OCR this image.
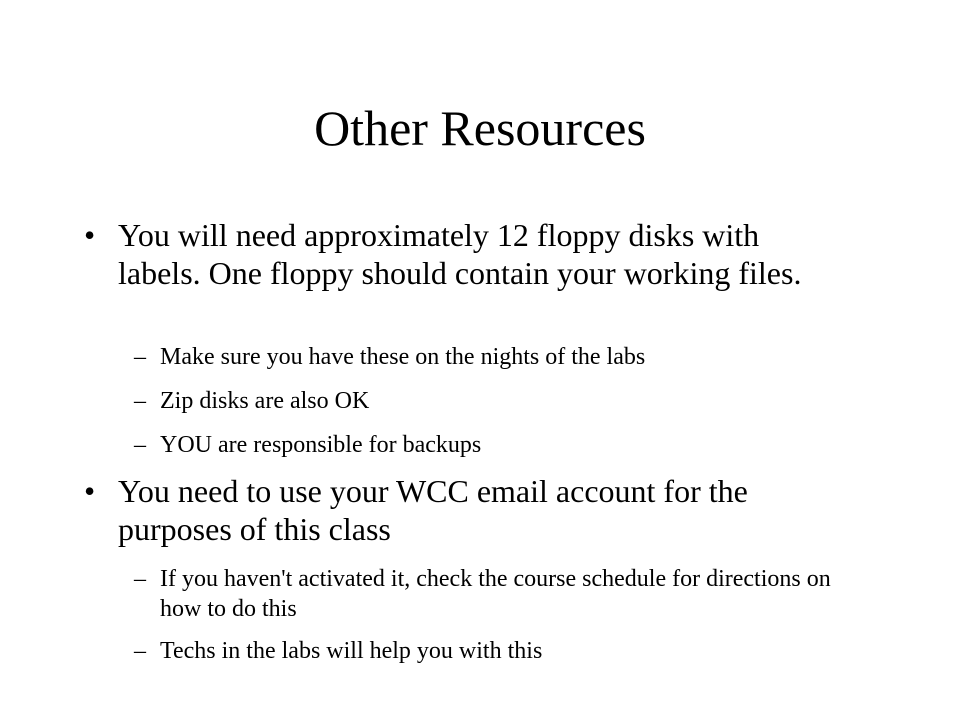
Other Resources
• You will need approximately 12 floppy disks with labels. One floppy should contain your working files.
– Make sure you have these on the nights of the labs
– Zip disks are also OK
– YOU are responsible for backups
• You need to use your WCC email account for the purposes of this class
– If you haven't activated it, check the course schedule for directions on how to do this
– Techs in the labs will help you with this
